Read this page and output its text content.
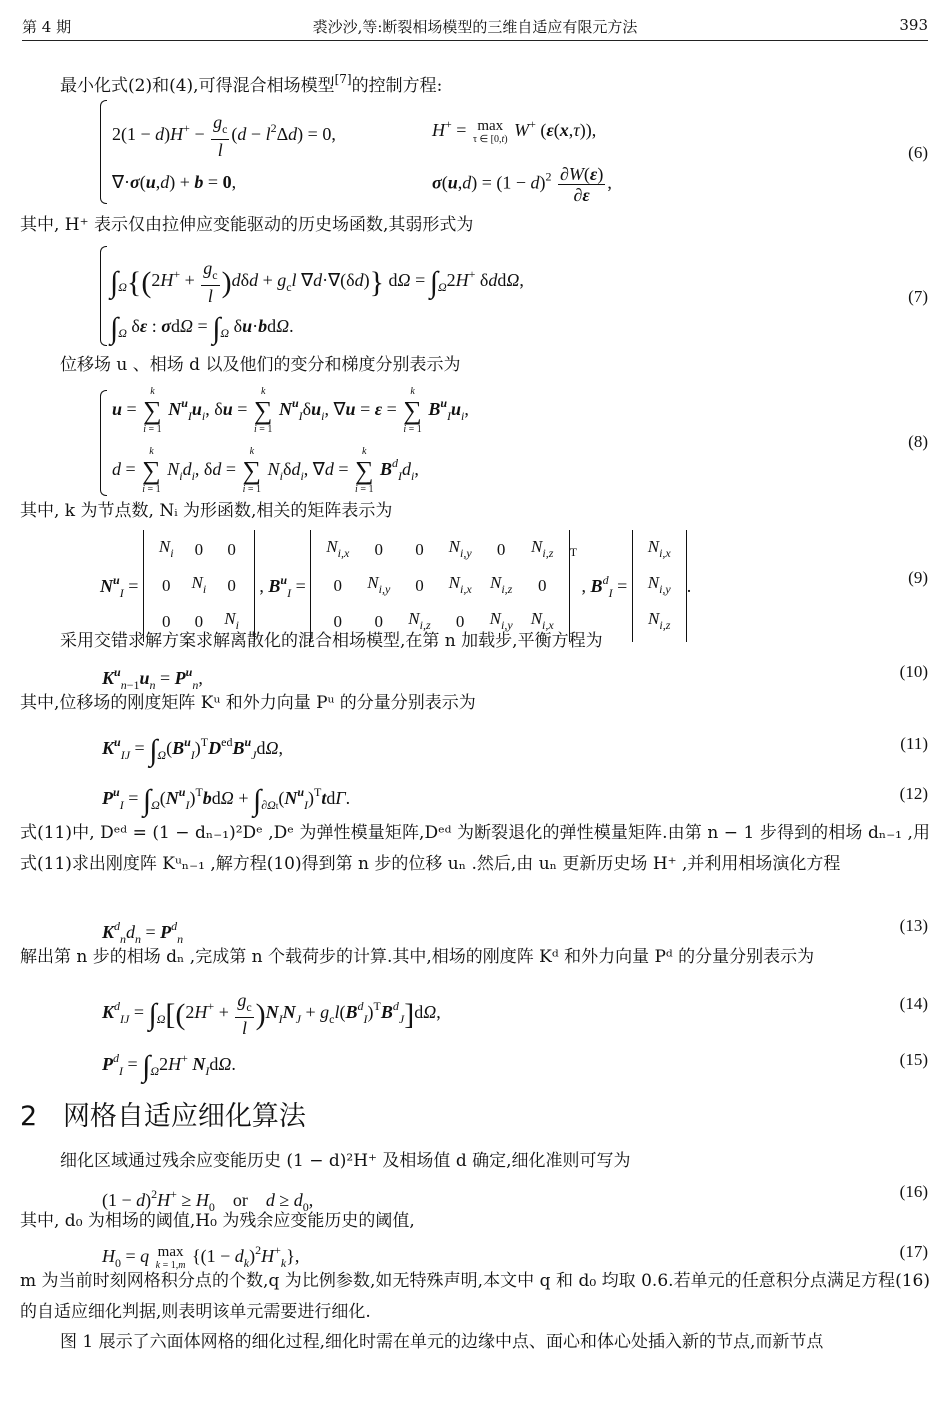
第 4 期	裘沙沙,等:断裂相场模型的三维自适应有限元方法	393
最小化式(2)和(4),可得混合相场模型[7]的控制方程:
$2(1 - d)H^+ - \frac{g_c}{l} (d - l^2\Delta d) = 0$,	H+ = max
τ ∈ [0,t) W+ (ε(x,τ)),
∇·σ(u,d) + b = 0,	$\sigma(u,d) = (1 - d)^2 \frac{\partial W(\varepsilon)}{\partial\varepsilon}$ ,
(6)
其中, H⁺ 表示仅由拉伸应变能驱动的历史场函数,其弱形式为
$\int_\Omega\{(2H^+ + \frac{g_c}{l} )d\delta d + g_cl$ ∇d·∇(δd)} $d\Omega = \int_\Omega 2H^+$ δddΩ,
$\int_\Omega$ δε : $\sigma d\Omega = \int_\Omega$ δu·bdΩ.
(7)
位移场 u 、相场 d 以及他们的变分和梯度分别表示为
u =
k
∑
i = 1
$N^u_Iu_i$, δu =
k
∑
i = 1
$N^u_I\delta u_i$, ∇u = ε =
k
∑
i = 1
$B^u_Iu_i$,
d =
k
∑
i = 1
$N_id_i$, δd =
k
∑
i = 1
$N_i\delta d_i$, ∇d =
k
∑
i = 1
$B^d_Id_i$,
(8)
其中, k 为节点数, Nᵢ 为形函数,相关的矩阵表示为
$N^u_I$ =
$N_i$	0	0
0	$N_i$	0
0	0	$N_i$
, $B^u_I$ =
$N_{i,x}$	0	0	$N_{i,y}$	0	$N_{i,z}$
0	$N_{i,y}$	0	$N_{i,x}$	$N_{i,z}$	0
0	0	$N_{i,z}$	0	$N_{i,y}$	$N_{i,x}$
$^T$ , $B^d_I$ =
$N_{i,x}$
$N_{i,y}$
$N_{i,z}$
.	(9)
采用交错求解方案求解离散化的混合相场模型,在第 n 加载步,平衡方程为
$K^u_{n-1}u_n = P^u_n$,	(10)
其中,位移场的刚度矩阵 Kᵘ 和外力向量 Pᵘ 的分量分别表示为
$K^u_{IJ} = \int_\Omega(B^u_I)^TD^{ed}B^u_Jd\Omega$,	(11)
$P^u_I = \int_\Omega(N^u_I)^Tbd\Omega + \int_{\partial\Omega t}(N^u_I)^Ttd\Gamma$.	(12)
式(11)中, Dᵉᵈ = (1 − dₙ₋₁)²Dᵉ ,Dᵉ 为弹性模量矩阵,Dᵉᵈ 为断裂退化的弹性模量矩阵.由第 n − 1 步得到的相场 dₙ₋₁ ,用式(11)求出刚度阵 Kᵘₙ₋₁ ,解方程(10)得到第 n 步的位移 uₙ .然后,由 uₙ 更新历史场 H⁺ ,并利用相场演化方程
$K^d_nd_n = P^d_n$
(13)
解出第 n 步的相场 dₙ ,完成第 n 个载荷步的计算.其中,相场的刚度阵 Kᵈ 和外力向量 Pᵈ 的分量分别表示为
$K^d_{IJ} = \int_\Omega[(2H^+ + \frac{g_c}{l} )N_IN_J + g_cl(B^d_I)^TB^d_J]d\Omega$,	(14)
$P^d_I = \int_\Omega 2H^+$ $N_Id\Omega$.	(15)
2 网格自适应细化算法
细化区域通过残余应变能历史 (1 − d)²H⁺ 及相场值 d 确定,细化准则可写为
$(1 - d)^2H^+ \ge H_0$    or    $d \ge d_0$,	(16)
其中, d₀ 为相场的阈值,H₀ 为残余应变能历史的阈值,
$H_0 = q$ max
k = 1,m $\{(1 - d_k)^2H^+_k\}$,	(17)
m 为当前时刻网格积分点的个数,q 为比例参数,如无特殊声明,本文中 q 和 d₀ 均取 0.6.若单元的任意积分点满足方程(16)的自适应细化判据,则表明该单元需要进行细化.
图 1 展示了六面体网格的细化过程,细化时需在单元的边缘中点、面心和体心处插入新的节点,而新节点
